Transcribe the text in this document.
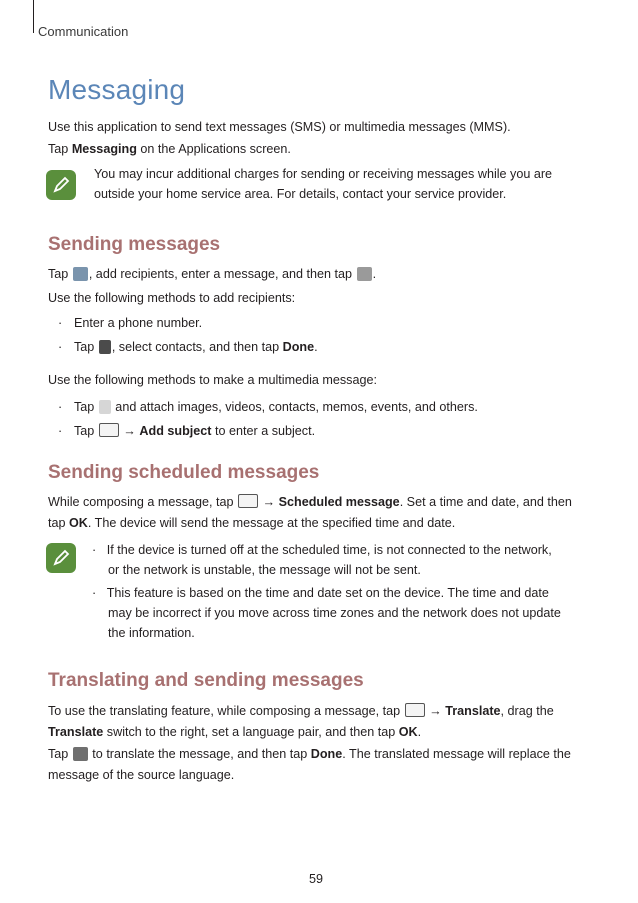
Communication
Messaging

Use this application to send text messages (SMS) or multimedia messages (MMS).

Tap Messaging on the Applications screen.

You may incur additional charges for sending or receiving messages while you are
outside your home service area. For details, contact your service provider.

Sending messages

Tap , add recipients, enter a message, and then tap .

Use the following methods to add recipients:

· Enter a phone number.

· Tap , select contacts, and then tap Done.

Use the following methods to make a multimedia message:

· Tap  and attach images, videos, contacts, memos, events, and others.

· Tap  → Add subject to enter a subject.

Sending scheduled messages

While composing a message, tap  → Scheduled message. Set a time and date, and then

tap OK. The device will send the message at the specified time and date.

·   If the device is turned off at the scheduled time, is not connected to the network,
or the network is unstable, the message will not be sent.

·   This feature is based on the time and date set on the device. The time and date
may be incorrect if you move across time zones and the network does not update
the information.

Translating and sending messages

To use the translating feature, while composing a message, tap  → Translate, drag the

Translate switch to the right, set a language pair, and then tap OK.

Tap  to translate the message, and then tap Done. The translated message will replace the

message of the source language.

59
